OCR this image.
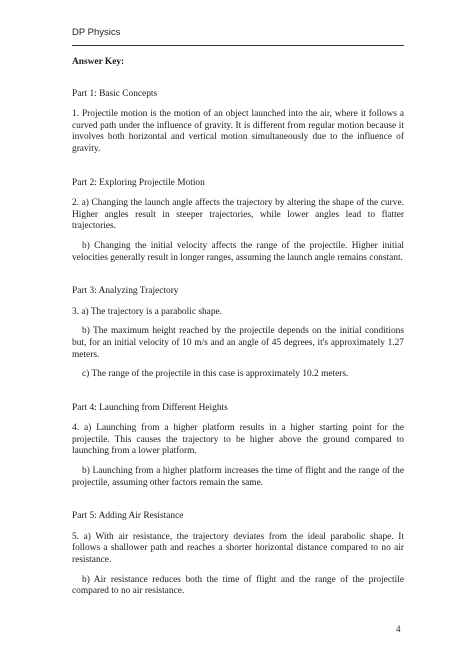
DP Physics

Answer Key:

Part 1: Basic Concepts

1. Projectile motion is the motion of an object launched into the air, where it follows a curved path under the influence of gravity. It is different from regular motion because it involves both horizontal and vertical motion simultaneously due to the influence of gravity.

Part 2: Exploring Projectile Motion

2. a) Changing the launch angle affects the trajectory by altering the shape of the curve. Higher angles result in steeper trajectories, while lower angles lead to flatter trajectories.

b) Changing the initial velocity affects the range of the projectile. Higher initial velocities generally result in longer ranges, assuming the launch angle remains constant.

Part 3: Analyzing Trajectory

3. a) The trajectory is a parabolic shape.

b) The maximum height reached by the projectile depends on the initial conditions but, for an initial velocity of 10 m/s and an angle of 45 degrees, it's approximately 1.27 meters.

c) The range of the projectile in this case is approximately 10.2 meters.

Part 4: Launching from Different Heights

4. a) Launching from a higher platform results in a higher starting point for the projectile. This causes the trajectory to be higher above the ground compared to launching from a lower platform.

b) Launching from a higher platform increases the time of flight and the range of the projectile, assuming other factors remain the same.

Part 5: Adding Air Resistance

5. a) With air resistance, the trajectory deviates from the ideal parabolic shape. It follows a shallower path and reaches a shorter horizontal distance compared to no air resistance.

b) Air resistance reduces both the time of flight and the range of the projectile compared to no air resistance.

4
